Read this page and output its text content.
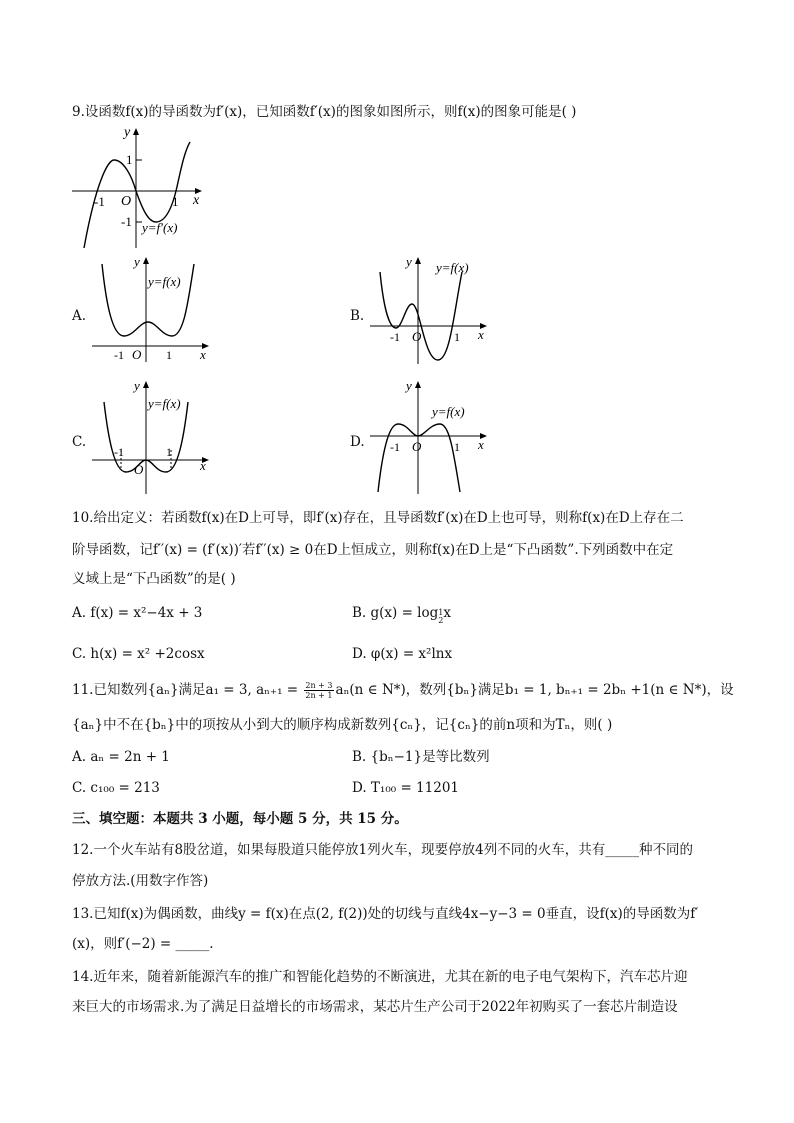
9.设函数f(x)的导函数为f′(x)，已知函数f′(x)的图象如图所示，则f(x)的图象可能是( )
y
x
O
-1	1
1
-1 y=f′(x)
A.
y
x
O
-1	1
y=f(x)
B.
y
x
O
-1	1
y=f(x)
C.
y
x
O
-1	1
y=f(x)
D.
y
x
O
-1	1
y=f(x)
10.给出定义：若函数f(x)在D上可导，即f′(x)存在，且导函数f′(x)在D上也可导，则称f(x)在D上存在二
阶导函数，记f′′(x) = (f′(x))′若f′′(x) ≥ 0在D上恒成立，则称f(x)在D上是“下凸函数”.下列函数中在定
义域上是“下凸函数”的是( )
A. f(x) = x²−4x + 3	B. g(x) = log1
2x
C. h(x) = x² +2cosx	D. φ(x) = x²lnx
11.已知数列{aₙ}满足a₁ = 3, $a_{n+1} = \frac{2n + 3}{2n + 1} a_n(n$ ∈ N*)，数列{bₙ}满足b₁ = 1, bₙ₊₁ = 2bₙ +1(n ∈ N*)，设
{aₙ}中不在{bₙ}中的项按从小到大的顺序构成新数列{cₙ}，记{cₙ}的前n项和为Tₙ，则( )
A. aₙ = 2n + 1	B. {bₙ−1}是等比数列
C. c₁₀₀ = 213	D. T₁₀₀ = 11201
三、填空题：本题共 3 小题，每小题 5 分，共 15 分。
12.一个火车站有8股岔道，如果每股道只能停放1列火车，现要停放4列不同的火车，共有_____种不同的
停放方法.(用数字作答)
13.已知f(x)为偶函数，曲线y = f(x)在点(2, f(2))处的切线与直线4x−y−3 = 0垂直，设f(x)的导函数为f′
(x)，则f′(−2) = _____.
14.近年来，随着新能源汽车的推广和智能化趋势的不断演进，尤其在新的电子电气架构下，汽车芯片迎
来巨大的市场需求.为了满足日益增长的市场需求，某芯片生产公司于2022年初购买了一套芯片制造设
